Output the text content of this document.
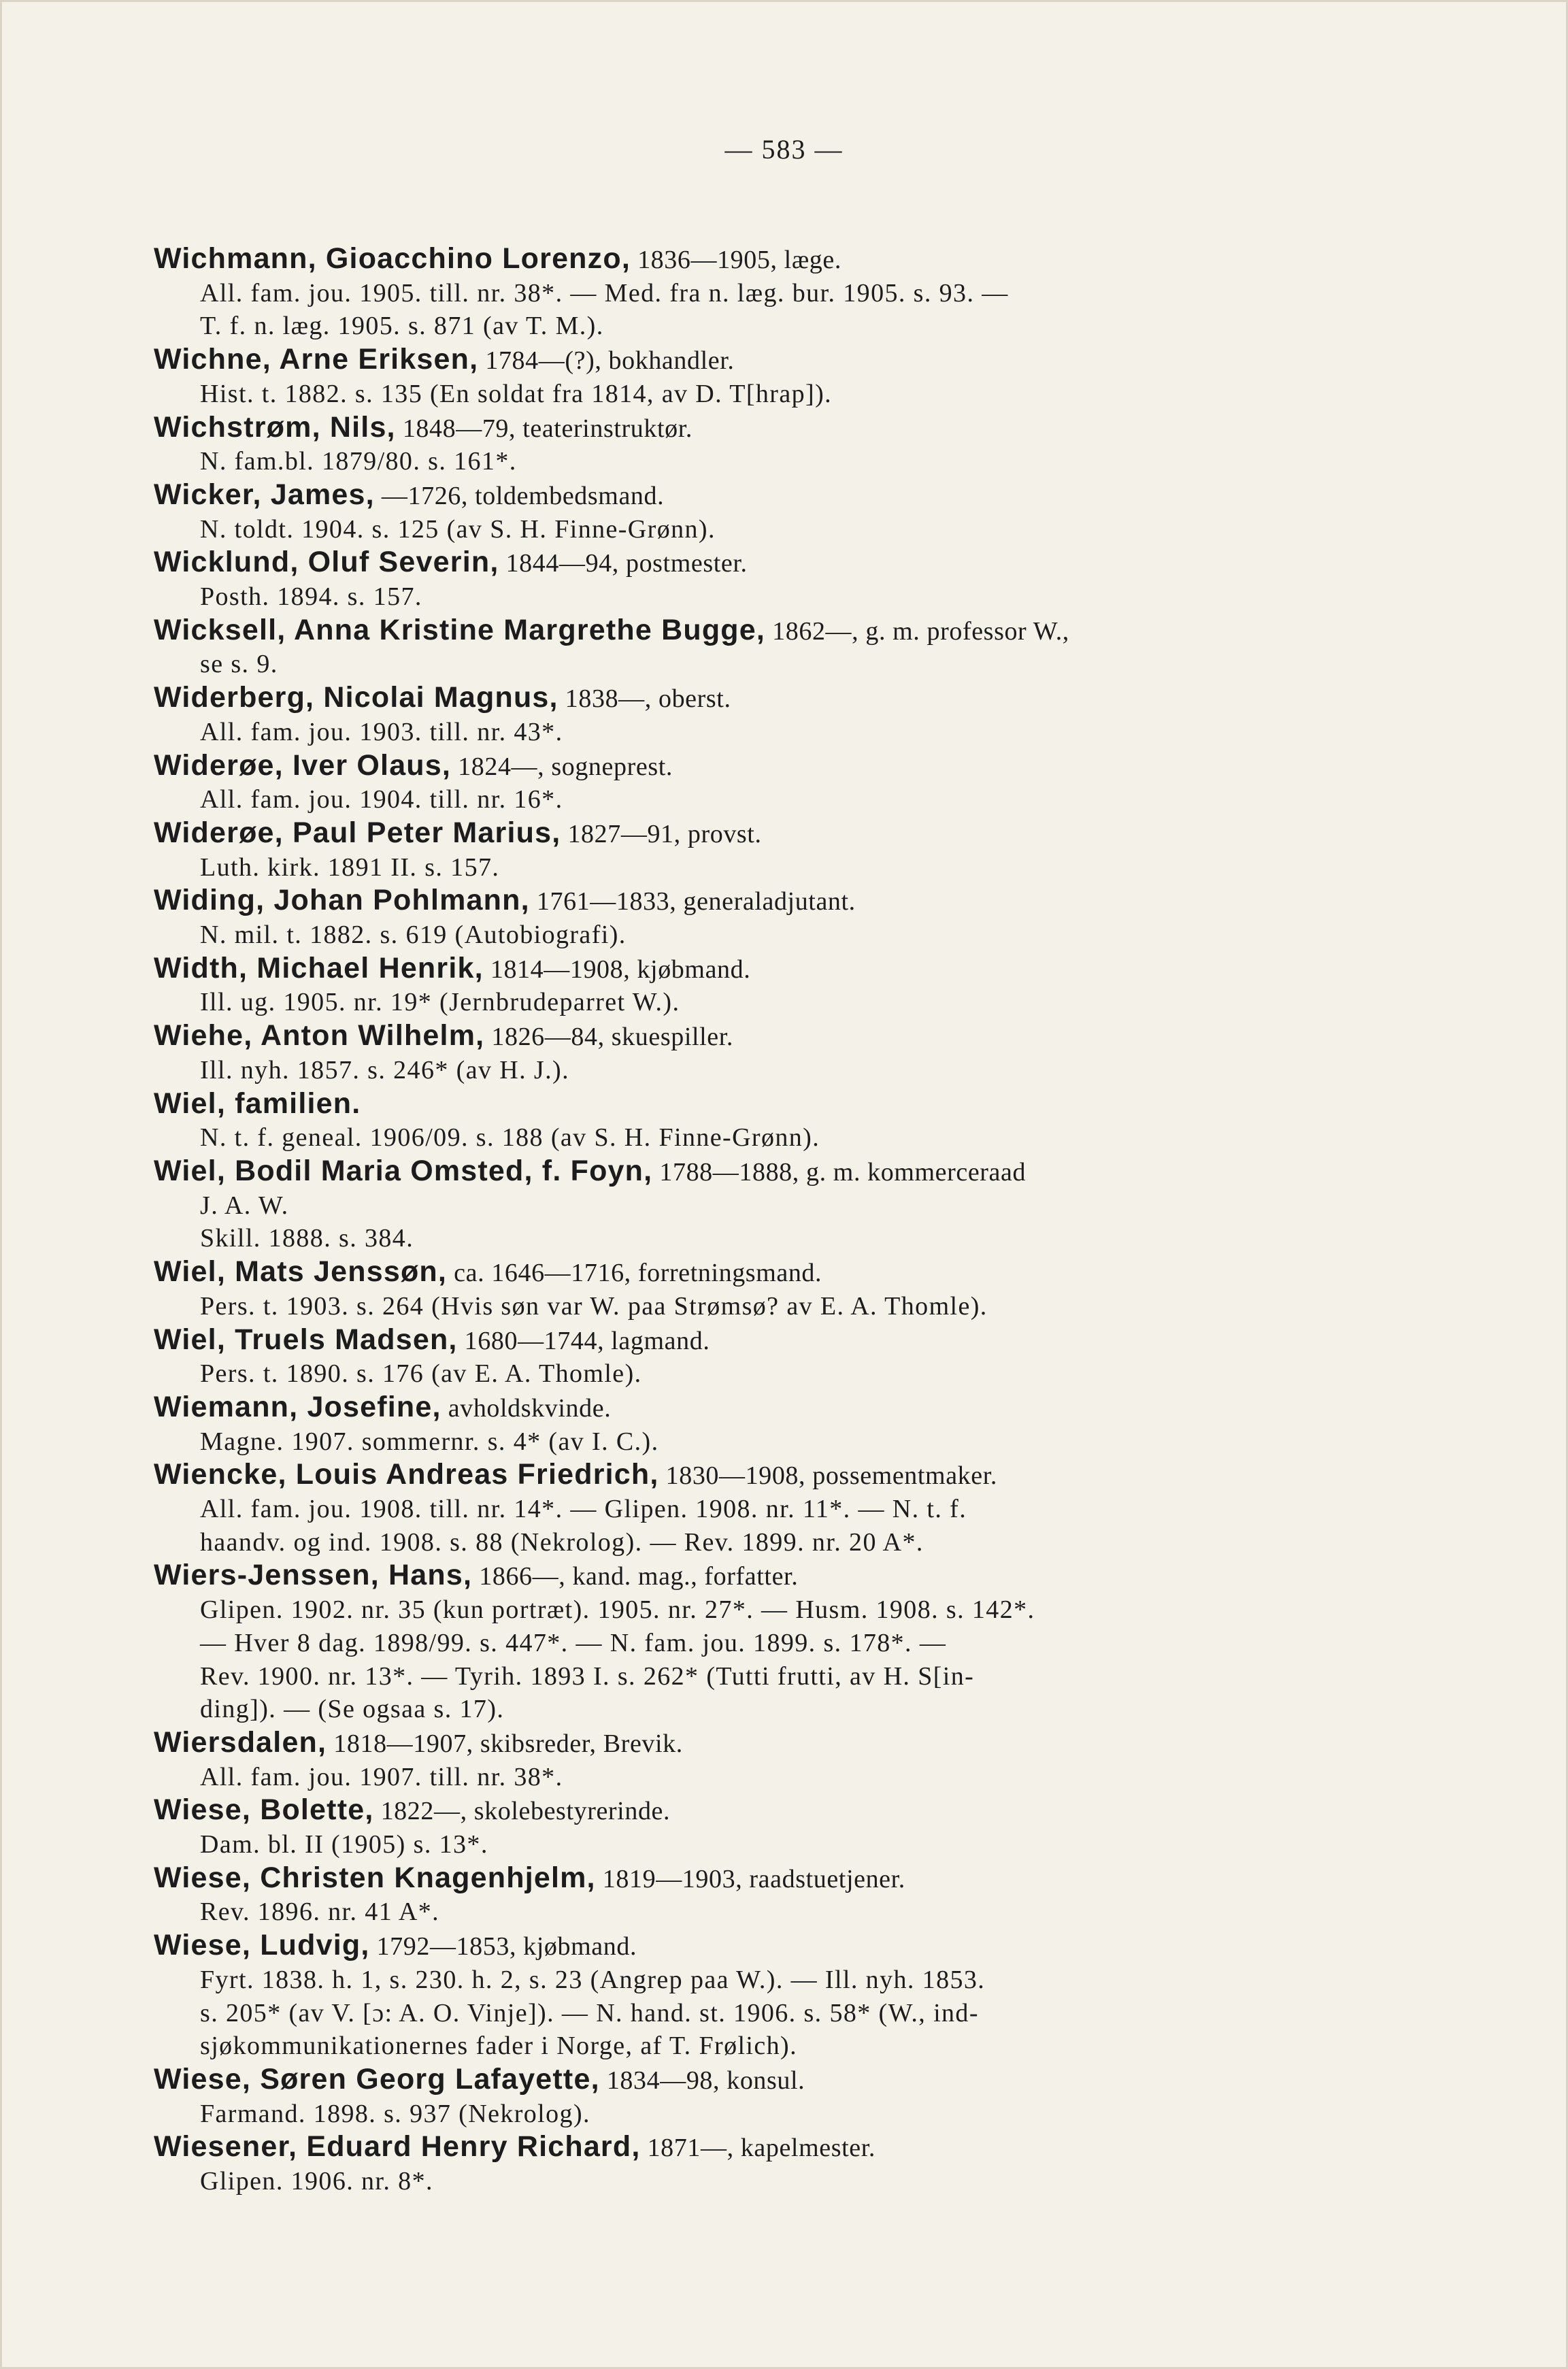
— 583 —
Wichmann, Gioacchino Lorenzo, 1836—1905, læge.
All. fam. jou. 1905. till. nr. 38*. — Med. fra n. læg. bur. 1905. s. 93. —
T. f. n. læg. 1905. s. 871 (av T. M.).
Wichne, Arne Eriksen, 1784—(?), bokhandler.
Hist. t. 1882. s. 135 (En soldat fra 1814, av D. T[hrap]).
Wichstrøm, Nils, 1848—79, teaterinstruktør.
N. fam.bl. 1879/80. s. 161*.
Wicker, James, —1726, toldembedsmand.
N. toldt. 1904. s. 125 (av S. H. Finne-Grønn).
Wicklund, Oluf Severin, 1844—94, postmester.
Posth. 1894. s. 157.
Wicksell, Anna Kristine Margrethe Bugge, 1862—, g. m. professor W.,
se s. 9.
Widerberg, Nicolai Magnus, 1838—, oberst.
All. fam. jou. 1903. till. nr. 43*.
Widerøe, Iver Olaus, 1824—, sogneprest.
All. fam. jou. 1904. till. nr. 16*.
Widerøe, Paul Peter Marius, 1827—91, provst.
Luth. kirk. 1891 II. s. 157.
Widing, Johan Pohlmann, 1761—1833, generaladjutant.
N. mil. t. 1882. s. 619 (Autobiografi).
Width, Michael Henrik, 1814—1908, kjøbmand.
Ill. ug. 1905. nr. 19* (Jernbrudeparret W.).
Wiehe, Anton Wilhelm, 1826—84, skuespiller.
Ill. nyh. 1857. s. 246* (av H. J.).
Wiel, familien.
N. t. f. geneal. 1906/09. s. 188 (av S. H. Finne-Grønn).
Wiel, Bodil Maria Omsted, f. Foyn, 1788—1888, g. m. kommerceraad
J. A. W.
Skill. 1888. s. 384.
Wiel, Mats Jenssøn, ca. 1646—1716, forretningsmand.
Pers. t. 1903. s. 264 (Hvis søn var W. paa Strømsø? av E. A. Thomle).
Wiel, Truels Madsen, 1680—1744, lagmand.
Pers. t. 1890. s. 176 (av E. A. Thomle).
Wiemann, Josefine, avholdskvinde.
Magne. 1907. sommernr. s. 4* (av I. C.).
Wiencke, Louis Andreas Friedrich, 1830—1908, possementmaker.
All. fam. jou. 1908. till. nr. 14*. — Glipen. 1908. nr. 11*. — N. t. f.
haandv. og ind. 1908. s. 88 (Nekrolog). — Rev. 1899. nr. 20 A*.
Wiers-Jenssen, Hans, 1866—, kand. mag., forfatter.
Glipen. 1902. nr. 35 (kun portræt). 1905. nr. 27*. — Husm. 1908. s. 142*.
— Hver 8 dag. 1898/99. s. 447*. — N. fam. jou. 1899. s. 178*. —
Rev. 1900. nr. 13*. — Tyrih. 1893 I. s. 262* (Tutti frutti, av H. S[in-
ding]). — (Se ogsaa s. 17).
Wiersdalen, 1818—1907, skibsreder, Brevik.
All. fam. jou. 1907. till. nr. 38*.
Wiese, Bolette, 1822—, skolebestyrerinde.
Dam. bl. II (1905) s. 13*.
Wiese, Christen Knagenhjelm, 1819—1903, raadstuetjener.
Rev. 1896. nr. 41 A*.
Wiese, Ludvig, 1792—1853, kjøbmand.
Fyrt. 1838. h. 1, s. 230. h. 2, s. 23 (Angrep paa W.). — Ill. nyh. 1853.
s. 205* (av V. [ɔ: A. O. Vinje]). — N. hand. st. 1906. s. 58* (W., ind-
sjøkommunikationernes fader i Norge, af T. Frølich).
Wiese, Søren Georg Lafayette, 1834—98, konsul.
Farmand. 1898. s. 937 (Nekrolog).
Wiesener, Eduard Henry Richard, 1871—, kapelmester.
Glipen. 1906. nr. 8*.
